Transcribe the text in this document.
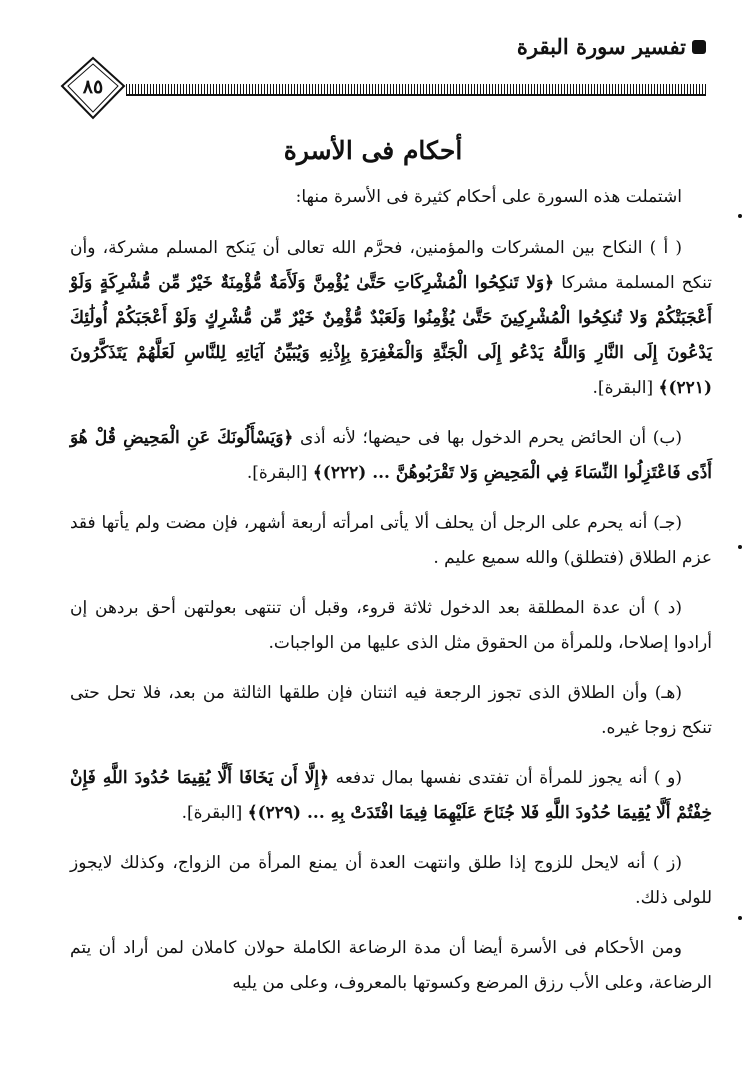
تفسير سورة البقرة
٨٥
أحكام فى الأسرة

اشتملت هذه السورة على أحكام كثيرة فى الأسرة منها:

( أ ) النكاح بين المشركات والمؤمنين، فحرَّم الله تعالى أن يَنكح المسلم مشركة، وأن تنكح المسلمة مشركا ﴿وَلا تَنكِحُوا الْمُشْرِكَاتِ حَتَّىٰ يُؤْمِنَّ وَلَأَمَةٌ مُّؤْمِنَةٌ خَيْرٌ مِّن مُّشْرِكَةٍ وَلَوْ أَعْجَبَتْكُمْ وَلا تُنكِحُوا الْمُشْرِكِينَ حَتَّىٰ يُؤْمِنُوا وَلَعَبْدٌ مُّؤْمِنٌ خَيْرٌ مِّن مُّشْرِكٍ وَلَوْ أَعْجَبَكُمْ أُولَٰئِكَ يَدْعُونَ إِلَى النَّارِ وَاللَّهُ يَدْعُو إِلَى الْجَنَّةِ وَالْمَغْفِرَةِ بِإِذْنِهِ وَيُبَيِّنُ آيَاتِهِ لِلنَّاسِ لَعَلَّهُمْ يَتَذَكَّرُونَ (٢٢١)﴾ [البقرة].

(ب) أن الحائض يحرم الدخول بها فى حيضها؛ لأنه أذى ﴿وَيَسْأَلُونَكَ عَنِ الْمَحِيضِ قُلْ هُوَ أَذًى فَاعْتَزِلُوا النِّسَاءَ فِي الْمَحِيضِ وَلا تَقْرَبُوهُنَّ ... (٢٢٢)﴾ [البقرة].

(جـ) أنه يحرم على الرجل أن يحلف ألا يأتى امرأته أربعة أشهر، فإن مضت ولم يأتها فقد عزم الطلاق (فتطلق) والله سميع عليم .

(د ) أن عدة المطلقة بعد الدخول ثلاثة قروء، وقبل أن تنتهى بعولتهن أحق بردهن إن أرادوا إصلاحا، وللمرأة من الحقوق مثل الذى عليها من الواجبات.

(هـ) وأن الطلاق الذى تجوز الرجعة فيه اثنتان فإن طلقها الثالثة من بعد، فلا تحل حتى تنكح زوجا غيره.

(و ) أنه يجوز للمرأة أن تفتدى نفسها بمال تدفعه ﴿إِلَّا أَن يَخَافَا أَلَّا يُقِيمَا حُدُودَ اللَّهِ فَإِنْ خِفْتُمْ أَلَّا يُقِيمَا حُدُودَ اللَّهِ فَلا جُنَاحَ عَلَيْهِمَا فِيمَا افْتَدَتْ بِهِ ... (٢٢٩)﴾ [البقرة].

(ز ) أنه لايحل للزوج إذا طلق وانتهت العدة أن يمنع المرأة من الزواج، وكذلك لايجوز للولى ذلك.

ومن الأحكام فى الأسرة أيضا أن مدة الرضاعة الكاملة حولان كاملان لمن أراد أن يتم الرضاعة، وعلى الأب رزق المرضع وكسوتها بالمعروف، وعلى من يليه
